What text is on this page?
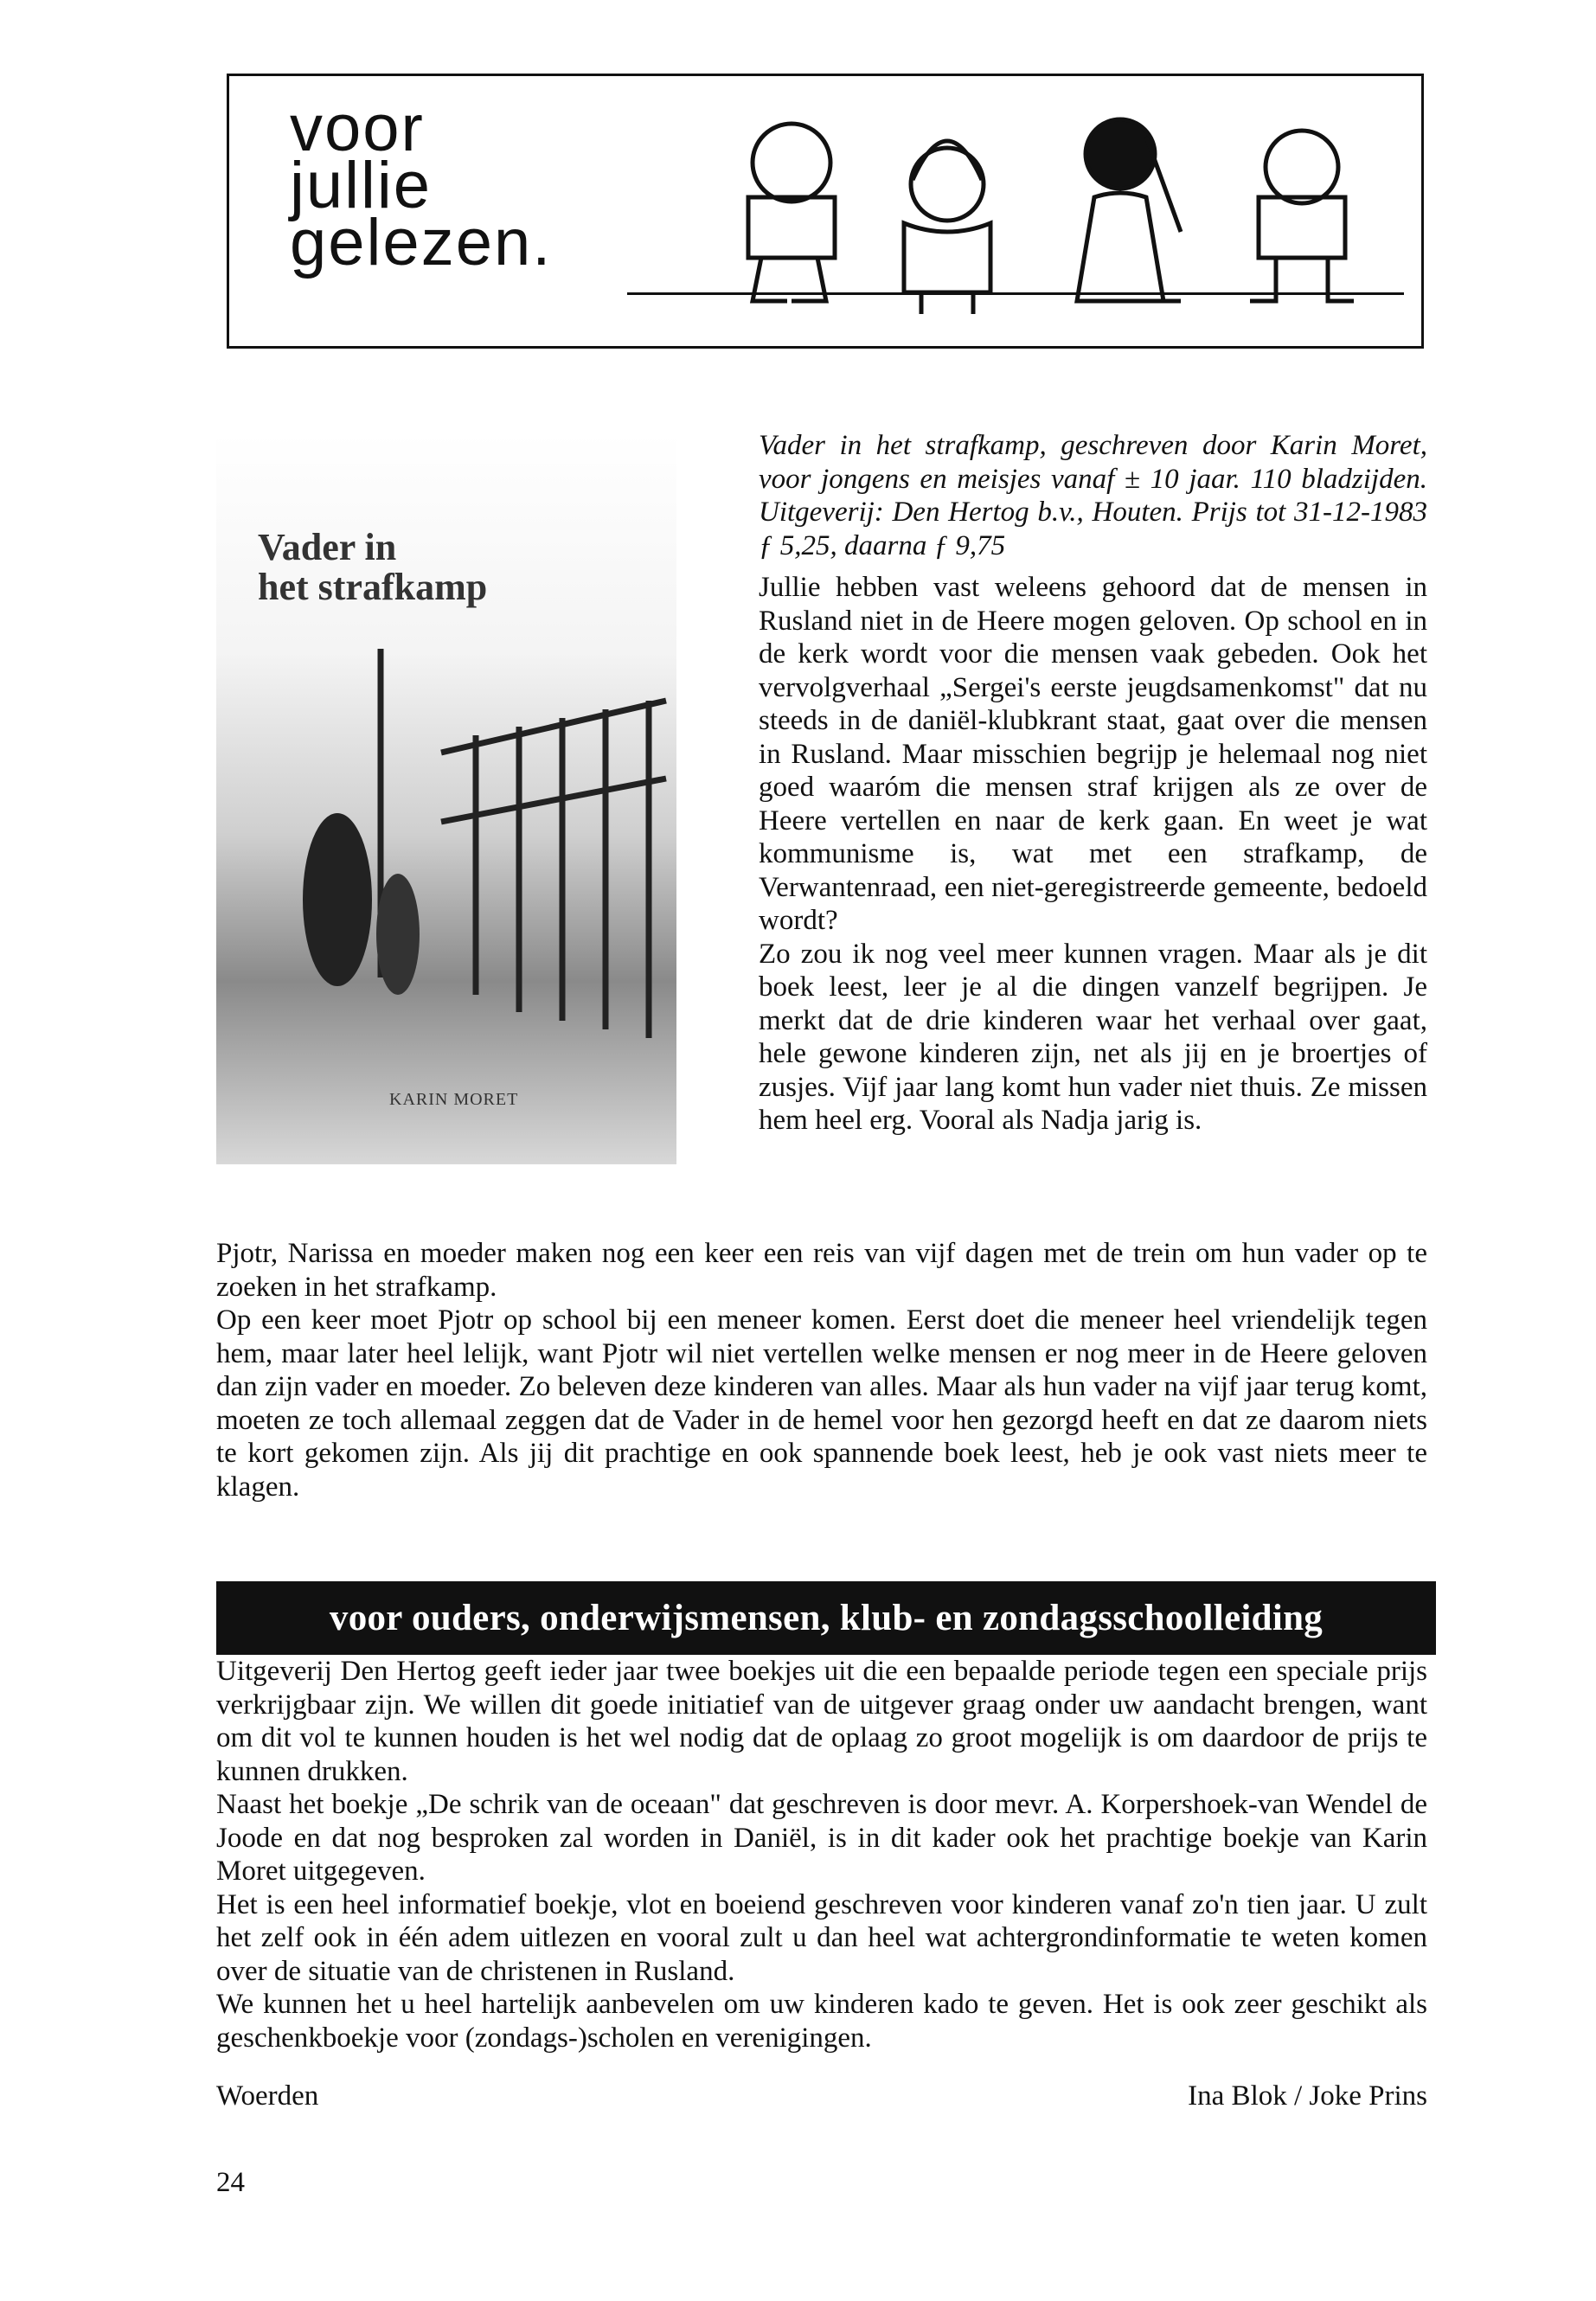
voor
jullie
gelezen.
Vader in
het strafkamp
KARIN MORET

Vader in het strafkamp, geschreven door Karin Moret, voor jongens en meisjes vanaf ± 10 jaar. 110 bladzijden. Uitgeverij: Den Hertog b.v., Houten. Prijs tot 31-12-1983 ƒ 5,25, daarna ƒ 9,75

Jullie hebben vast weleens gehoord dat de mensen in Rusland niet in de Heere mogen geloven. Op school en in de kerk wordt voor die mensen vaak gebeden. Ook het vervolgverhaal „Sergei's eerste jeugdsamenkomst" dat nu steeds in de daniël-klubkrant staat, gaat over die mensen in Rusland. Maar misschien begrijp je helemaal nog niet goed waaróm die mensen straf krijgen als ze over de Heere vertellen en naar de kerk gaan. En weet je wat kommunisme is, wat met een strafkamp, de Verwantenraad, een niet-geregistreerde gemeente, bedoeld wordt?

Zo zou ik nog veel meer kunnen vragen. Maar als je dit boek leest, leer je al die dingen vanzelf begrijpen. Je merkt dat de drie kinderen waar het verhaal over gaat, hele gewone kinderen zijn, net als jij en je broertjes of zusjes. Vijf jaar lang komt hun vader niet thuis. Ze missen hem heel erg. Vooral als Nadja jarig is.

Pjotr, Narissa en moeder maken nog een keer een reis van vijf dagen met de trein om hun vader op te zoeken in het strafkamp.

Op een keer moet Pjotr op school bij een meneer komen. Eerst doet die meneer heel vriendelijk tegen hem, maar later heel lelijk, want Pjotr wil niet vertellen welke mensen er nog meer in de Heere geloven dan zijn vader en moeder. Zo beleven deze kinderen van alles. Maar als hun vader na vijf jaar terug komt, moeten ze toch allemaal zeggen dat de Vader in de hemel voor hen gezorgd heeft en dat ze daarom niets te kort gekomen zijn. Als jij dit prachtige en ook spannende boek leest, heb je ook vast niets meer te klagen.

voor ouders, onderwijsmensen, klub- en zondagsschoolleiding

Uitgeverij Den Hertog geeft ieder jaar twee boekjes uit die een bepaalde periode tegen een speciale prijs verkrijgbaar zijn. We willen dit goede initiatief van de uitgever graag onder uw aandacht brengen, want om dit vol te kunnen houden is het wel nodig dat de oplaag zo groot mogelijk is om daardoor de prijs te kunnen drukken.

Naast het boekje „De schrik van de oceaan" dat geschreven is door mevr. A. Korpershoek-van Wendel de Joode en dat nog besproken zal worden in Daniël, is in dit kader ook het prachtige boekje van Karin Moret uitgegeven.

Het is een heel informatief boekje, vlot en boeiend geschreven voor kinderen vanaf zo'n tien jaar. U zult het zelf ook in één adem uitlezen en vooral zult u dan heel wat achtergrondinformatie te weten komen over de situatie van de christenen in Rusland.

We kunnen het u heel hartelijk aanbevelen om uw kinderen kado te geven. Het is ook zeer geschikt als geschenkboekje voor (zondags-)scholen en verenigingen.

Woerden	Ina Blok / Joke Prins
24
